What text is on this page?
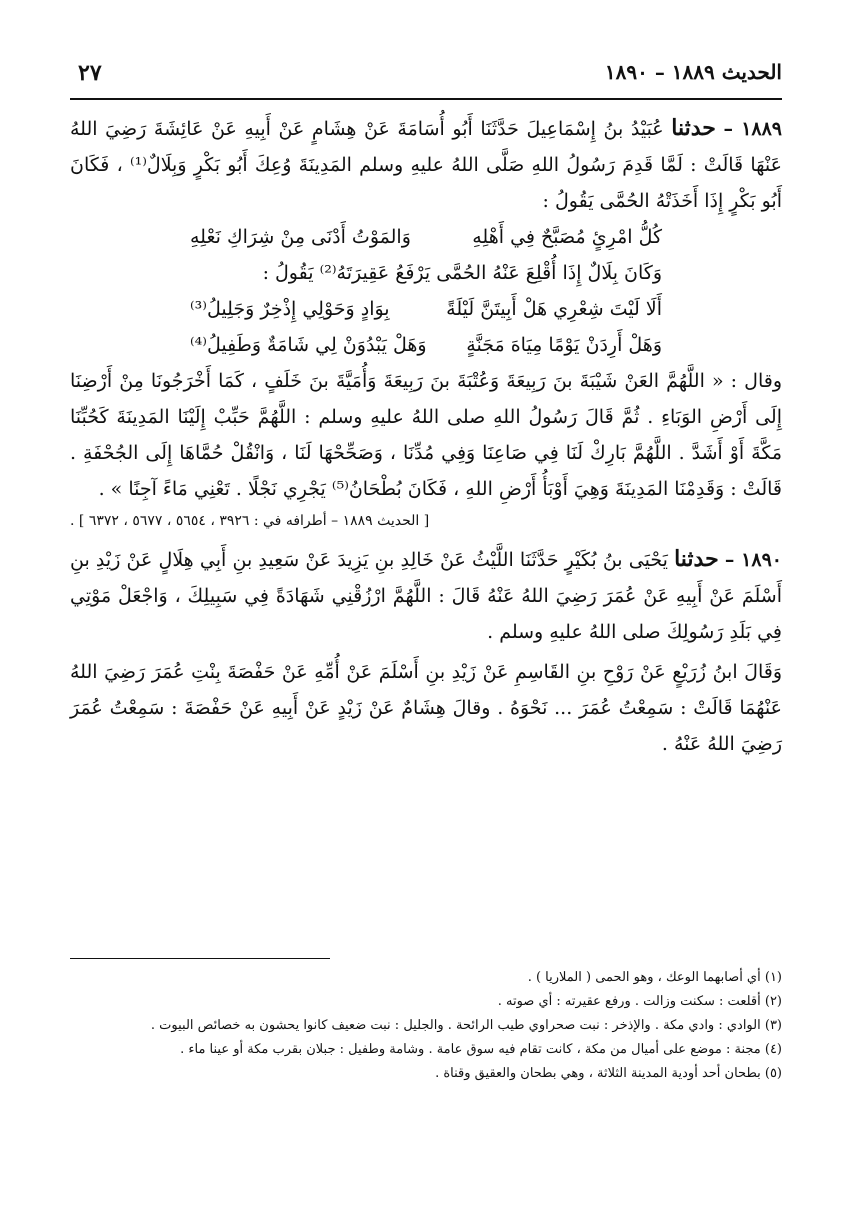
الحديث ١٨٨٩ – ١٨٩٠
٢٧

١٨٨٩ – حدثنا عُبَيْدُ بنُ إِسْمَاعِيلَ حَدَّثَنَا أَبُو أُسَامَةَ عَنْ هِشَامٍ عَنْ أَبِيهِ عَنْ عَائِشَةَ رَضِيَ اللهُ عَنْهَا قَالَتْ : لَمَّا قَدِمَ رَسُولُ اللهِ صَلَّى اللهُ عليهِ وسلم المَدِينَةَ وُعِكَ أَبُو بَكْرٍ وَبِلَالٌ⁽¹⁾ ، فَكَانَ أَبُو بَكْرٍ إِذَا أَخَذَتْهُ الحُمَّى يَقُولُ :

كُلُّ امْرِئٍ مُصَبَّحٌ فِي أَهْلِهِ
وَالمَوْتُ أَدْنَى مِنْ شِرَاكِ نَعْلِهِ

وَكَانَ بِلَالٌ إِذَا أُقْلِعَ عَنْهُ الحُمَّى يَرْفَعُ عَقِيرَتَهُ⁽²⁾ يَقُولُ :

أَلَا لَيْتَ شِعْرِي هَلْ أَبِيتَنَّ لَيْلَةً
بِوَادٍ وَحَوْلِي إِذْخِرٌ وَجَلِيلُ⁽³⁾
وَهَلْ أَرِدَنْ يَوْمًا مِيَاهَ مَجَنَّةٍ
وَهَلْ يَبْدُوَنْ لِي شَامَةٌ وَطَفِيلُ⁽⁴⁾

وقال : « اللَّهُمَّ العَنْ شَيْبَةَ بنَ رَبِيعَةَ وَعُتْبَةَ بنَ رَبِيعَةَ وَأُمَيَّةَ بنَ خَلَفٍ ، كَمَا أَخْرَجُونَا مِنْ أَرْضِنَا إِلَى أَرْضِ الوَبَاءِ . ثُمَّ قَالَ رَسُولُ اللهِ صلى اللهُ عليهِ وسلم : اللَّهُمَّ حَبِّبْ إِلَيْنَا المَدِينَةَ كَحُبِّنَا مَكَّةَ أَوْ أَشَدَّ . اللَّهُمَّ بَارِكْ لَنَا فِي صَاعِنَا وَفِي مُدِّنَا ، وَصَحِّحْهَا لَنَا ، وَانْقُلْ حُمَّاهَا إِلَى الجُحْفَةِ . قَالَتْ : وَقَدِمْنَا المَدِينَةَ وَهِيَ أَوْبَأُ أَرْضِ اللهِ ، فَكَانَ بُطْحَانُ⁽⁵⁾ يَجْرِي نَجْلًا . تَعْنِي مَاءً آجِنًا » .

[ الحديث ١٨٨٩ – أطرافه في : ٣٩٢٦ ، ٥٦٥٤ ، ٥٦٧٧ ، ٦٣٧٢ ] .

١٨٩٠ – حدثنا يَحْيَى بنُ بُكَيْرٍ حَدَّثَنَا اللَّيْثُ عَنْ خَالِدِ بنِ يَزِيدَ عَنْ سَعِيدِ بنِ أَبِي هِلَالٍ عَنْ زَيْدِ بنِ أَسْلَمَ عَنْ أَبِيهِ عَنْ عُمَرَ رَضِيَ اللهُ عَنْهُ قَالَ : اللَّهُمَّ ارْزُقْنِي شَهَادَةً فِي سَبِيلِكَ ، وَاجْعَلْ مَوْتِي فِي بَلَدِ رَسُولِكَ صلى اللهُ عليهِ وسلم .

وَقَالَ ابنُ زُرَيْعٍ عَنْ رَوْحِ بنِ القَاسِمِ عَنْ زَيْدِ بنِ أَسْلَمَ عَنْ أُمِّهِ عَنْ حَفْصَةَ بِنْتِ عُمَرَ رَضِيَ اللهُ عَنْهُمَا قَالَتْ : سَمِعْتُ عُمَرَ ... نَحْوَهُ . وقالَ هِشَامٌ عَنْ زَيْدٍ عَنْ أَبِيهِ عَنْ حَفْصَةَ : سَمِعْتُ عُمَرَ رَضِيَ اللهُ عَنْهُ .

(١) أي أصابهما الوعك ، وهو الحمى ( الملاريا ) .

(٢) أقلعت : سكنت وزالت . ورفع عقيرته : أي صوته .

(٣) الوادي : وادي مكة . والإذخر : نبت صحراوي طيب الرائحة . والجليل : نبت ضعيف كانوا يحشون به خصائص البيوت .

(٤) مجنة : موضع على أميال من مكة ، كانت تقام فيه سوق عامة . وشامة وطفيل : جبلان بقرب مكة أو عينا ماء .

(٥) بطحان أحد أودية المدينة الثلاثة ، وهي بطحان والعقيق وقناة .
